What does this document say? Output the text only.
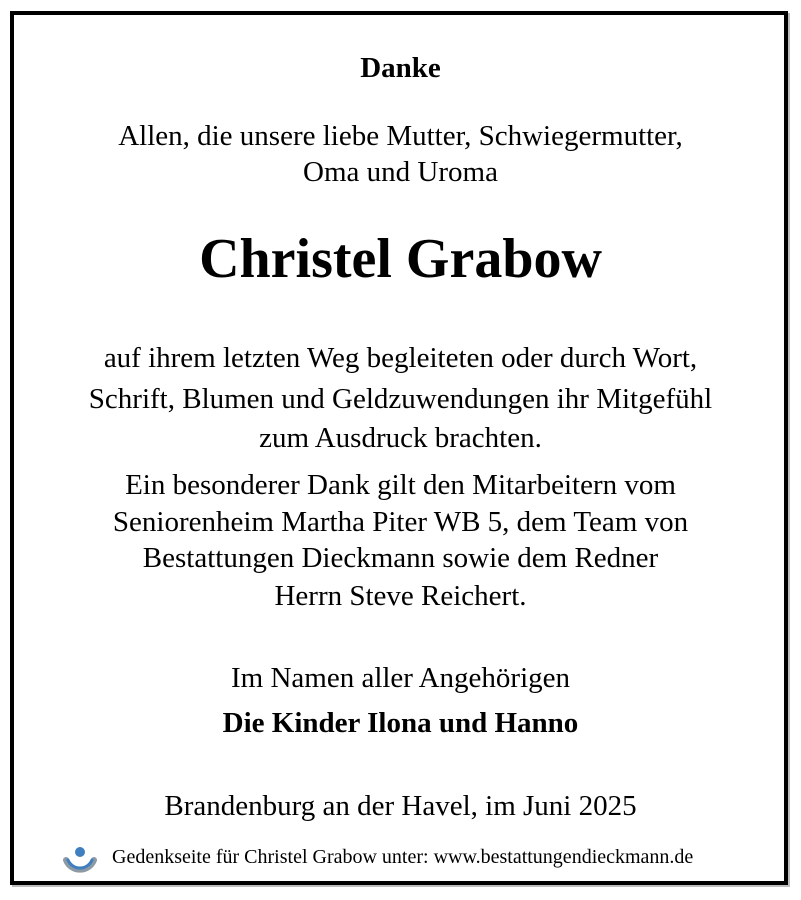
Danke
Allen, die unsere liebe Mutter, Schwiegermutter,
Oma und Uroma
Christel Grabow
auf ihrem letzten Weg begleiteten oder durch Wort,
Schrift, Blumen und Geldzuwendungen ihr Mitgefühl
zum Ausdruck brachten.
Ein besonderer Dank gilt den Mitarbeitern vom
Seniorenheim Martha Piter WB 5, dem Team von
Bestattungen Dieckmann sowie dem Redner
Herrn Steve Reichert.
Im Namen aller Angehörigen
Die Kinder Ilona und Hanno
Brandenburg an der Havel, im Juni 2025
Gedenkseite für Christel Grabow unter: www.bestattungendieckmann.de
